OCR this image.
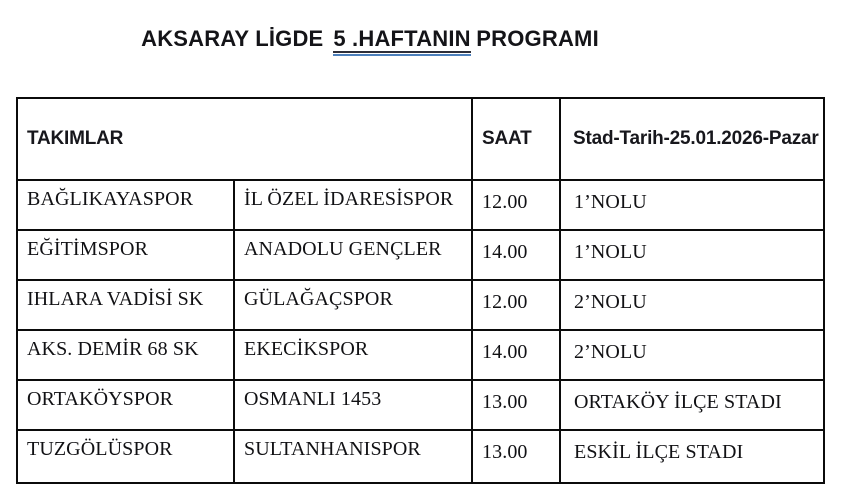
AKSARAY LİGDE 5 .HAFTANIN PROGRAMI
TAKIMLAR		SAAT	Stad-Tarih-25.01.2026-Pazar
BAĞLIKAYASPOR	İL ÖZEL İDARESİSPOR	12.00	1’NOLU
EĞİTİMSPOR	ANADOLU GENÇLER	14.00	1’NOLU
IHLARA VADİSİ SK	GÜLAĞAÇSPOR	12.00	2’NOLU
AKS. DEMİR 68 SK	EKECİKSPOR	14.00	2’NOLU
ORTAKÖYSPOR	OSMANLI 1453	13.00	ORTAKÖY İLÇE STADI
TUZGÖLÜSPOR	SULTANHANISPOR	13.00	ESKİL İLÇE STADI
